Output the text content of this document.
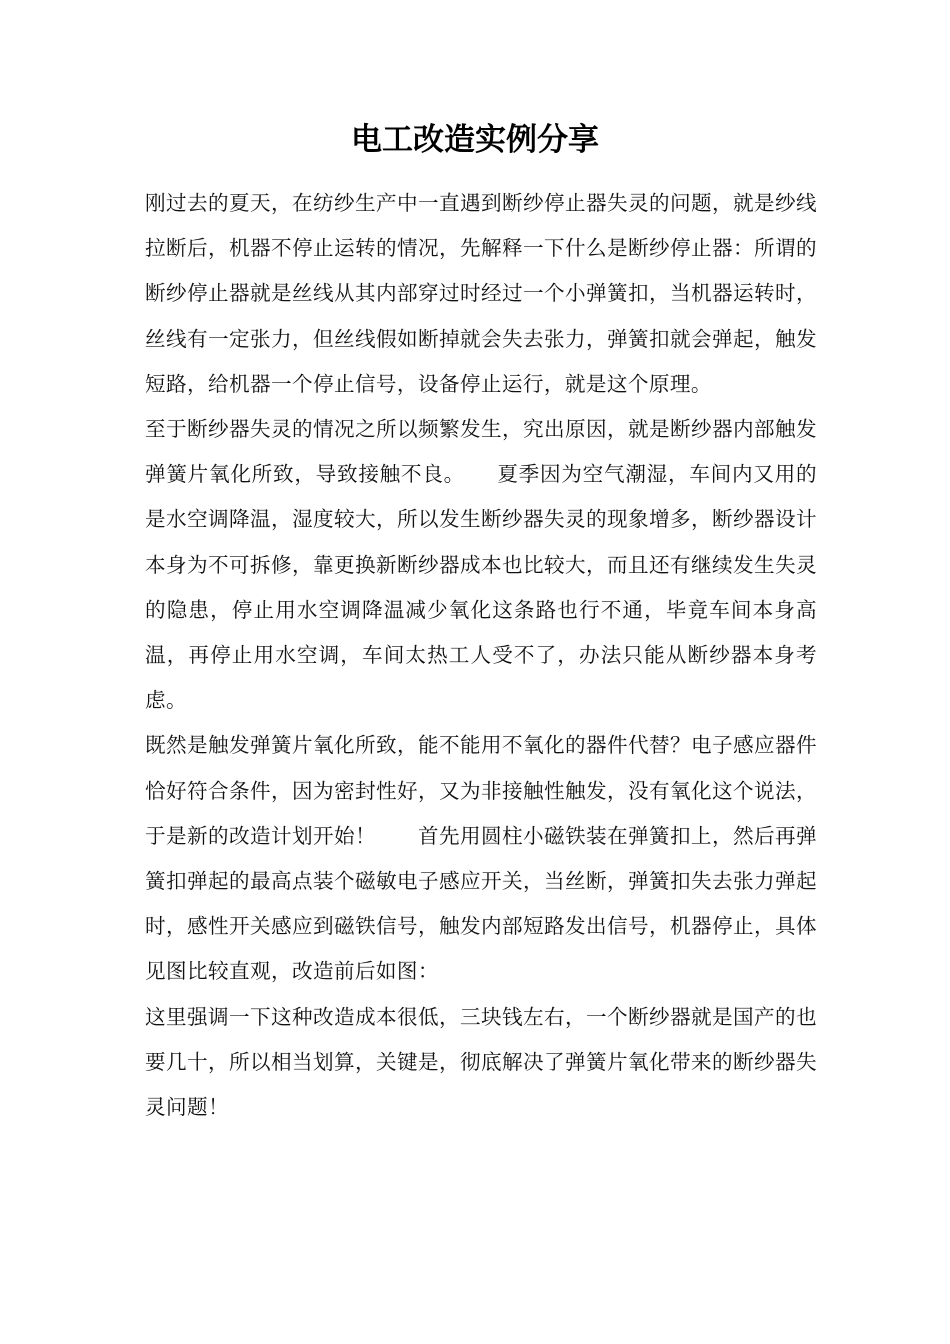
电工改造实例分享

刚过去的夏天，在纺纱生产中一直遇到断纱停止器失灵的问题，就是纱线拉断后，机器不停止运转的情况，先解释一下什么是断纱停止器：所谓的断纱停止器就是丝线从其内部穿过时经过一个小弹簧扣，当机器运转时，丝线有一定张力，但丝线假如断掉就会失去张力，弹簧扣就会弹起，触发短路，给机器一个停止信号，设备停止运行，就是这个原理。

至于断纱器失灵的情况之所以频繁发生，究出原因，就是断纱器内部触发弹簧片氧化所致，导致接触不良。　　夏季因为空气潮湿，车间内又用的是水空调降温，湿度较大，所以发生断纱器失灵的现象增多，断纱器设计本身为不可拆修，靠更换新断纱器成本也比较大，而且还有继续发生失灵的隐患，停止用水空调降温减少氧化这条路也行不通，毕竟车间本身高温，再停止用水空调，车间太热工人受不了，办法只能从断纱器本身考虑。

既然是触发弹簧片氧化所致，能不能用不氧化的器件代替？电子感应器件恰好符合条件，因为密封性好，又为非接触性触发，没有氧化这个说法，于是新的改造计划开始！　　首先用圆柱小磁铁装在弹簧扣上，然后再弹簧扣弹起的最高点装个磁敏电子感应开关，当丝断，弹簧扣失去张力弹起时，感性开关感应到磁铁信号，触发内部短路发出信号，机器停止，具体见图比较直观，改造前后如图：

这里强调一下这种改造成本很低，三块钱左右，一个断纱器就是国产的也要几十，所以相当划算，关键是，彻底解决了弹簧片氧化带来的断纱器失灵问题！
